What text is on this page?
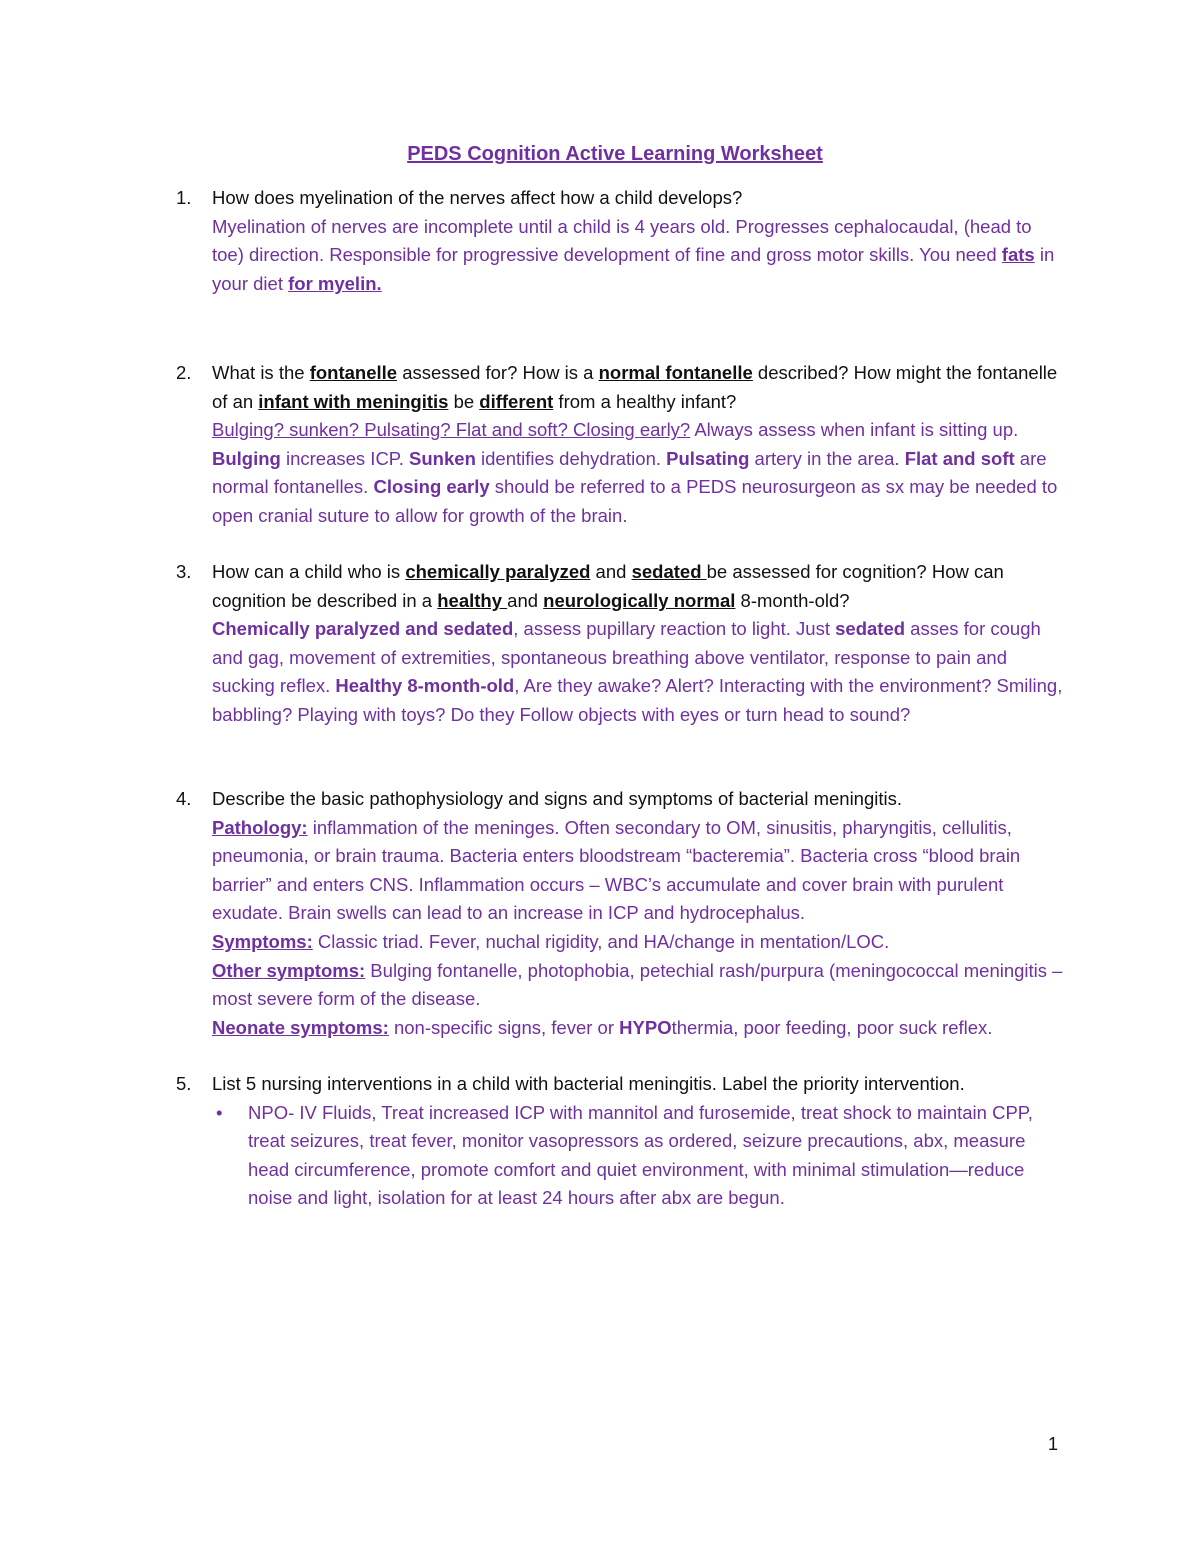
PEDS Cognition Active Learning Worksheet
1.	How does myelination of the nerves affect how a child develops?
Myelination of nerves are incomplete until a child is 4 years old. Progresses cephalocaudal, (head to toe) direction. Responsible for progressive development of fine and gross motor skills. You need fats in your diet for myelin.
2.	What is the fontanelle assessed for? How is a normal fontanelle described? How might the fontanelle of an infant with meningitis be different from a healthy infant?
Bulging? sunken? Pulsating? Flat and soft? Closing early? Always assess when infant is sitting up. Bulging increases ICP. Sunken identifies dehydration. Pulsating artery in the area. Flat and soft are normal fontanelles. Closing early should be referred to a PEDS neurosurgeon as sx may be needed to open cranial suture to allow for growth of the brain.
3.	How can a child who is chemically paralyzed and sedated be assessed for cognition? How can cognition be described in a healthy and neurologically normal 8-month-old?
Chemically paralyzed and sedated, assess pupillary reaction to light. Just sedated asses for cough and gag, movement of extremities, spontaneous breathing above ventilator, response to pain and sucking reflex. Healthy 8-month-old, Are they awake? Alert? Interacting with the environment? Smiling, babbling? Playing with toys? Do they Follow objects with eyes or turn head to sound?
4.	Describe the basic pathophysiology and signs and symptoms of bacterial meningitis.
Pathology: inflammation of the meninges. Often secondary to OM, sinusitis, pharyngitis, cellulitis, pneumonia, or brain trauma. Bacteria enters bloodstream “bacteremia”. Bacteria cross “blood brain barrier” and enters CNS. Inflammation occurs – WBC’s accumulate and cover brain with purulent exudate. Brain swells can lead to an increase in ICP and hydrocephalus.
Symptoms: Classic triad. Fever, nuchal rigidity, and HA/change in mentation/LOC.
Other symptoms: Bulging fontanelle, photophobia, petechial rash/purpura (meningococcal meningitis – most severe form of the disease.
Neonate symptoms: non-specific signs, fever or HYPOthermia, poor feeding, poor suck reflex.
5.	List 5 nursing interventions in a child with bacterial meningitis. Label the priority intervention.
• NPO- IV Fluids, Treat increased ICP with mannitol and furosemide, treat shock to maintain CPP, treat seizures, treat fever, monitor vasopressors as ordered, seizure precautions, abx, measure head circumference, promote comfort and quiet environment, with minimal stimulation—reduce noise and light, isolation for at least 24 hours after abx are begun.
1
